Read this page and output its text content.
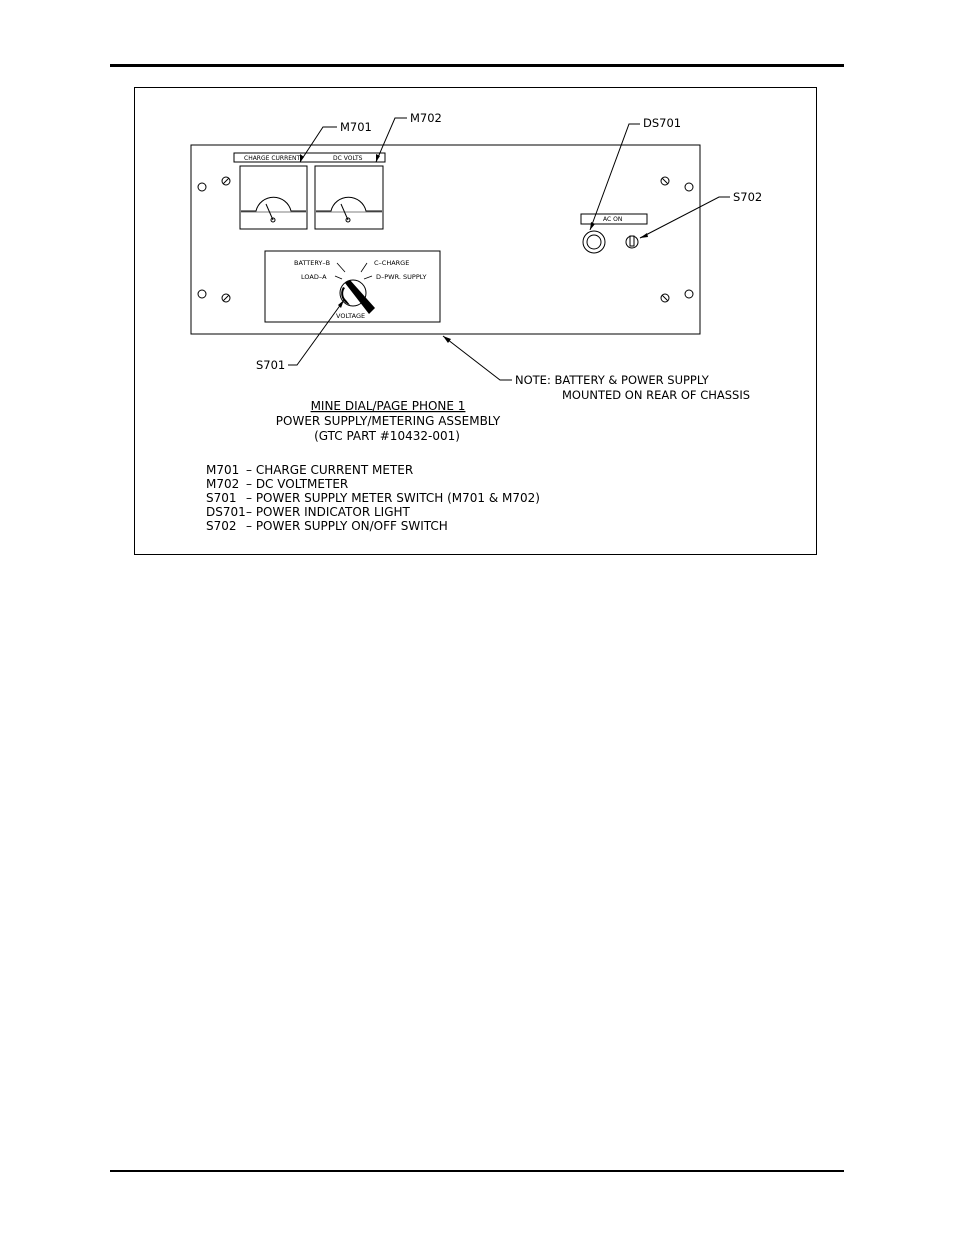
CHARGE CURRENT	DC VOLTS
M701
M702
AC ON
DS701
S702
BATTERY–B
LOAD–A
C–CHARGE
D–PWR. SUPPLY
VOLTAGE
S701
NOTE: BATTERY & POWER SUPPLY
MOUNTED ON REAR OF CHASSIS
MINE DIAL/PAGE PHONE 1
POWER SUPPLY/METERING ASSEMBLY
(GTC PART #10432-001)
M701 – CHARGE CURRENT METER
M702 – DC VOLTMETER
S701 – POWER SUPPLY METER SWITCH (M701 & M702)
DS701 – POWER INDICATOR LIGHT
S702 – POWER SUPPLY ON/OFF SWITCH
